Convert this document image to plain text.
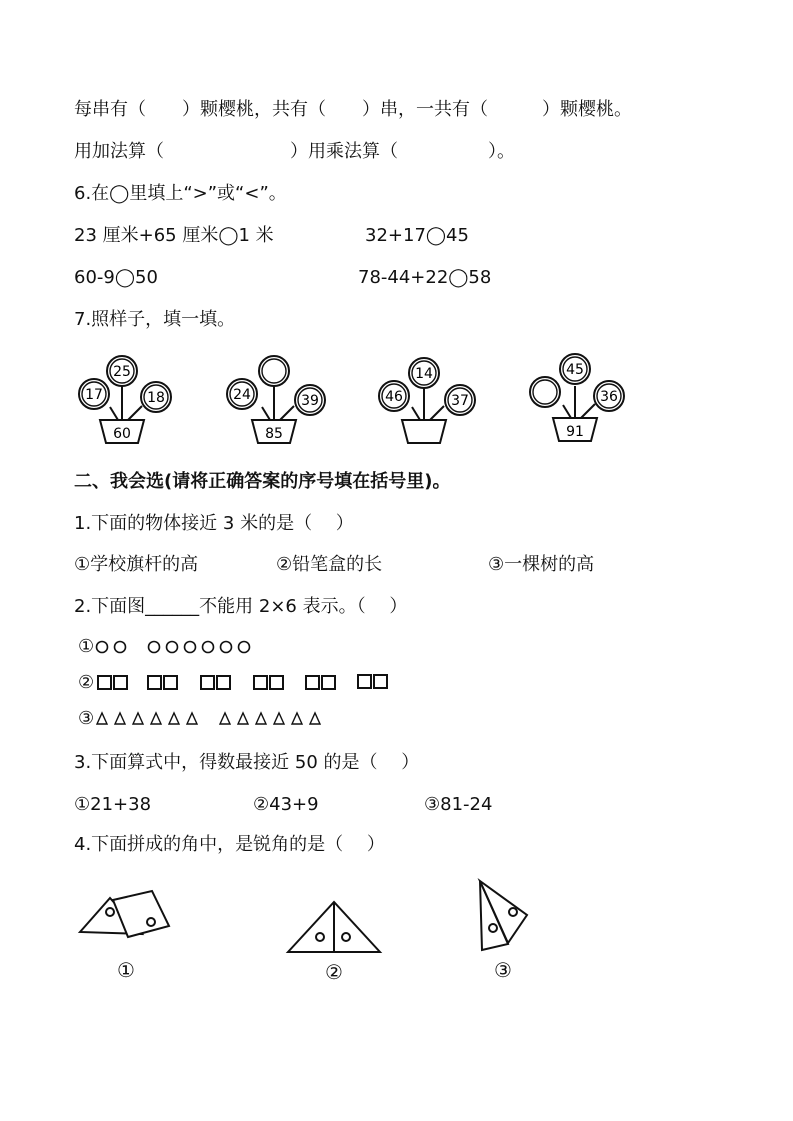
每串有（　　）颗樱桃，共有（　　）串，一共有（　　　）颗樱桃。
用加法算（　　　　　　　）用乘法算（　　　　　）。
6.在◯里填上“>”或“<”。
23 厘米+65 厘米◯1 米	32+17◯45
60-9◯50	78-44+22◯58
7.照样子，填一填。
17
25
18
60
24	39
85
46
14
37
45
36
91
①	②	③
二、我会选(请将正确答案的序号填在括号里)。
1.下面的物体接近 3 米的是（　 ）
①学校旗杆的高	②铅笔盒的长	③一棵树的高
2.下面图______不能用 2×6 表示。（　 ）
①
②
③
3.下面算式中，得数最接近 50 的是（　 ）
①21+38	②43+9	③81-24
4.下面拼成的角中，是锐角的是（　 ）
